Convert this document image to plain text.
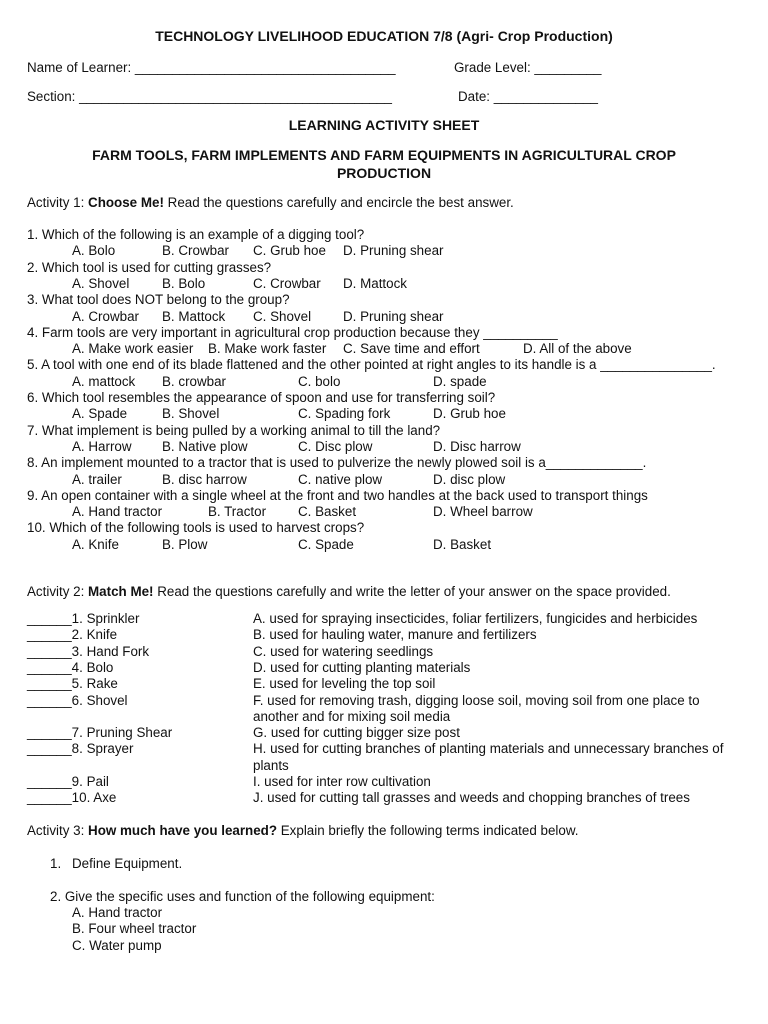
TECHNOLOGY LIVELIHOOD EDUCATION 7/8 (Agri- Crop Production)
Name of Learner: ___________________________________	Grade Level: _________
Section: __________________________________________	Date: ______________
LEARNING ACTIVITY SHEET
FARM TOOLS, FARM IMPLEMENTS AND FARM EQUIPMENTS IN AGRICULTURAL CROP
PRODUCTION
Activity 1: Choose Me! Read the questions carefully and encircle the best answer.
1. Which of the following is an example of a digging tool?
A. Bolo	B. Crowbar C. Grub hoe D. Pruning shear
2. Which tool is used for cutting grasses?
A. Shovel B. Bolo	C. Crowbar D. Mattock
3. What tool does NOT belong to the group?
A. Crowbar B. Mattock C. Shovel D. Pruning shear
4. Farm tools are very important in agricultural crop production because they __________
A. Make work easier B. Make work faster C. Save time and effort	D. All of the above
5. A tool with one end of its blade flattened and the other pointed at right angles to its handle is a _______________.
A. mattock B. crowbar	C. bolo	D. spade
6. Which tool resembles the appearance of spoon and use for transferring soil?
A. Spade	B. Shovel	C. Spading fork	D. Grub hoe
7. What implement is being pulled by a working animal to till the land?
A. Harrow B. Native plow	C. Disc plow	D. Disc harrow
8. An implement mounted to a tractor that is used to pulverize the newly plowed soil is a_____________.
A. trailer	B. disc harrow	C. native plow	D. disc plow
9. An open container with a single wheel at the front and two handles at the back used to transport things
A. Hand tractor	B. Tractor C. Basket	D. Wheel barrow
10. Which of the following tools is used to harvest crops?
A. Knife	B. Plow	C. Spade	D. Basket
Activity 2: Match Me! Read the questions carefully and write the letter of your answer on the space provided.
______1. Sprinkler	A. used for spraying insecticides, foliar fertilizers, fungicides and herbicides
______2. Knife	B. used for hauling water, manure and fertilizers
______3. Hand Fork	C. used for watering seedlings
______4. Bolo	D. used for cutting planting materials
______5. Rake	E. used for leveling the top soil
______6. Shovel	F. used for removing trash, digging loose soil, moving soil from one place to
another and for mixing soil media
______7. Pruning Shear	G. used for cutting bigger size post
______8. Sprayer	H. used for cutting branches of planting materials and unnecessary branches of
plants
______9. Pail	I. used for inter row cultivation
______10. Axe	J. used for cutting tall grasses and weeds and chopping branches of trees
Activity 3: How much have you learned? Explain briefly the following terms indicated below.
1. Define Equipment.
2. Give the specific uses and function of the following equipment:
A. Hand tractor
B. Four wheel tractor
C. Water pump
